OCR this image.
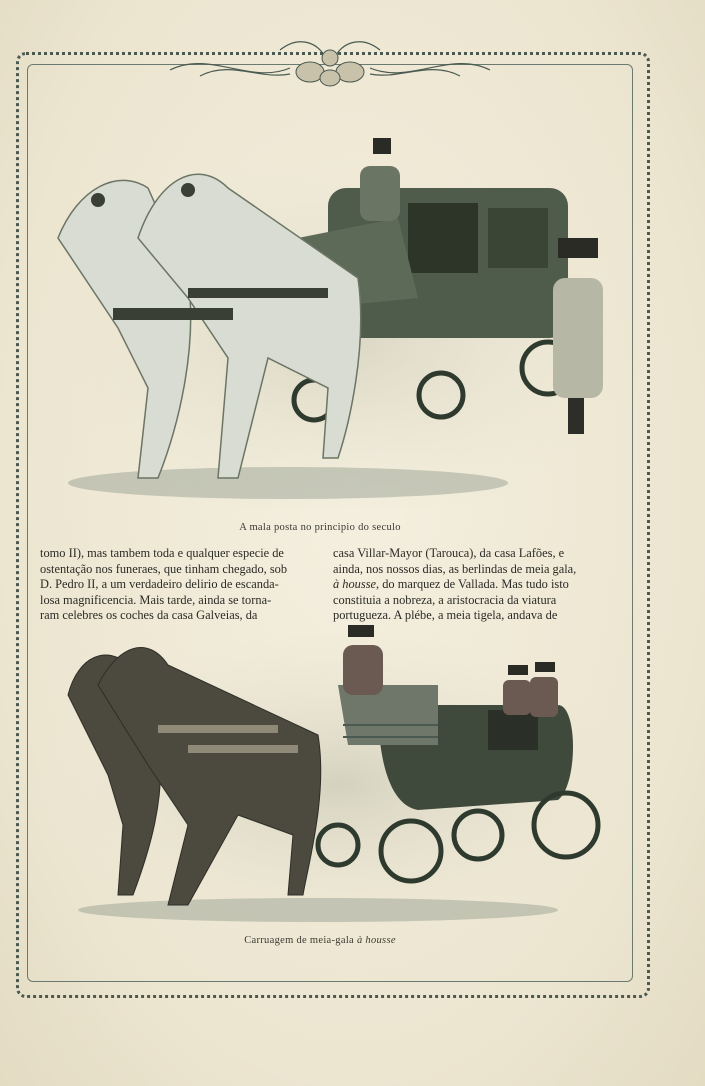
A mala posta no principio do seculo
tomo II), mas tambem toda e qualquer especie de
ostentação nos funeraes, que tinham chegado, sob
D. Pedro II, a um verdadeiro delirio de escanda-
losa magnificencia. Mais tarde, ainda se torna-
ram celebres os coches da casa Galveias, da
casa Villar-Mayor (Tarouca), da casa Lafões, e
ainda, nos nossos dias, as berlindas de meia gala,
à housse, do marquez de Vallada. Mas tudo isto
constituia a nobreza, a aristocracia da viatura
portugueza. A plébe, a meia tigela, andava de
Carruagem de meia-gala à housse
